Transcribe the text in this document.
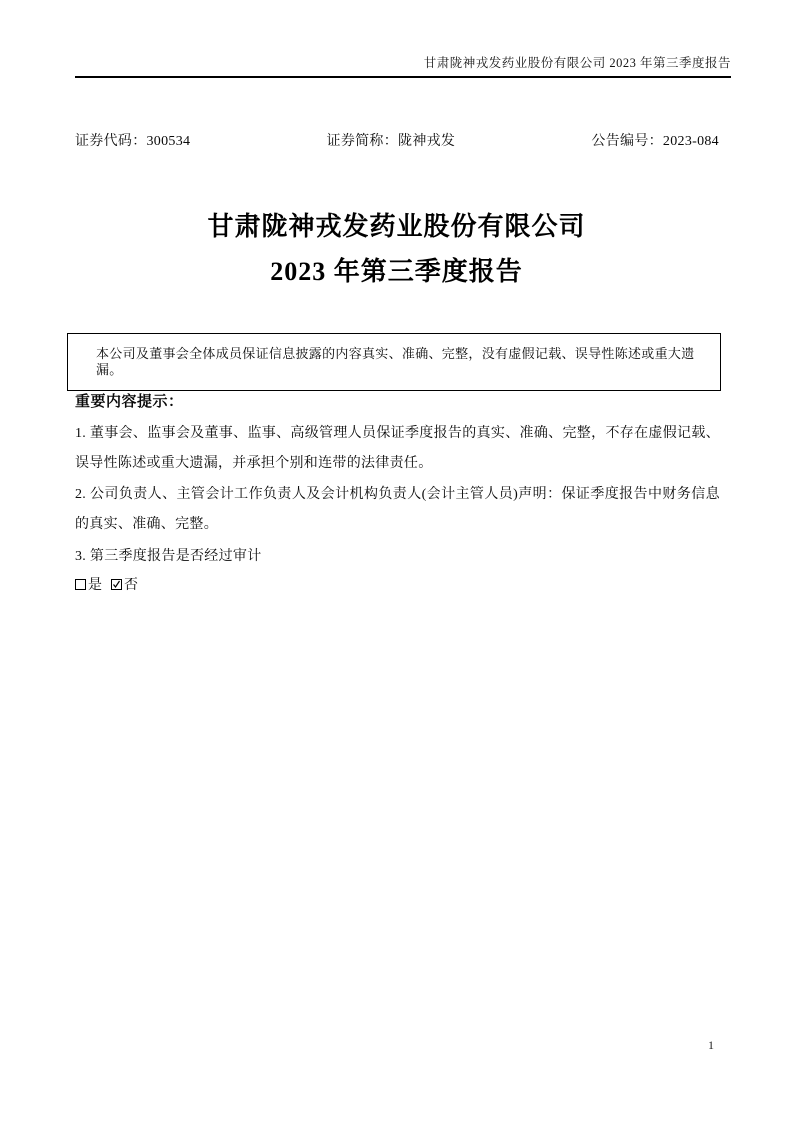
甘肃陇神戎发药业股份有限公司 2023 年第三季度报告
证券代码：300534	证券简称：陇神戎发	公告编号：2023-084
甘肃陇神戎发药业股份有限公司
2023 年第三季度报告
本公司及董事会全体成员保证信息披露的内容真实、准确、完整，没有虚假记载、误导性陈述或重大遗漏。
重要内容提示：

1. 董事会、监事会及董事、监事、高级管理人员保证季度报告的真实、准确、完整，不存在虚假记载、误导性陈述或重大遗漏，并承担个别和连带的法律责任。

2. 公司负责人、主管会计工作负责人及会计机构负责人(会计主管人员)声明：保证季度报告中财务信息的真实、准确、完整。

3. 第三季度报告是否经过审计

是 否
1
